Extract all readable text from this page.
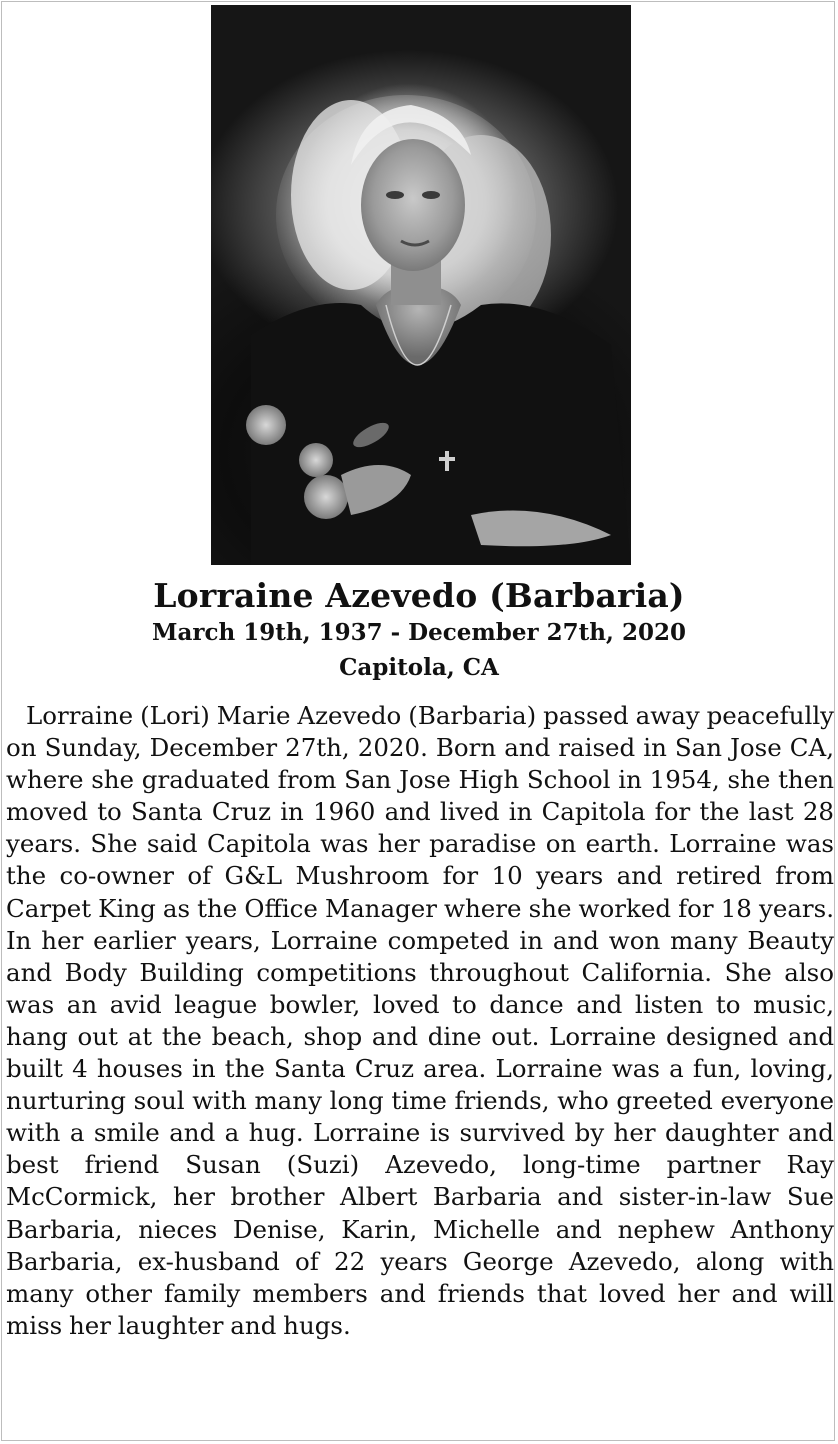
Lorraine Azevedo (Barbaria)
March 19th, 1937 - December 27th, 2020
Capitola, CA
Lorraine (Lori) Marie Azevedo (Barbaria) passed away peacefully on Sunday, December 27th, 2020. Born and raised in San Jose CA, where she graduated from San Jose High School in 1954, she then moved to Santa Cruz in 1960 and lived in Capitola for the last 28 years. She said Capitola was her paradise on earth. Lorraine was the co-owner of G&L Mushroom for 10 years and retired from Carpet King as the Office Manager where she worked for 18 years. In her earlier years, Lorraine competed in and won many Beauty and Body Building competitions throughout California. She also was an avid league bowler, loved to dance and listen to music, hang out at the beach, shop and dine out. Lorraine designed and built 4 houses in the Santa Cruz area. Lorraine was a fun, loving, nurturing soul with many long time friends, who greeted everyone with a smile and a hug. Lorraine is survived by her daughter and best friend Susan (Suzi) Azevedo, long-time partner Ray McCormick, her brother Albert Barbaria and sister-in-law Sue Barbaria, nieces Denise, Karin, Michelle and nephew Anthony Barbaria, ex-husband of 22 years George Azevedo, along with many other family members and friends that loved her and will miss her laughter and hugs.
